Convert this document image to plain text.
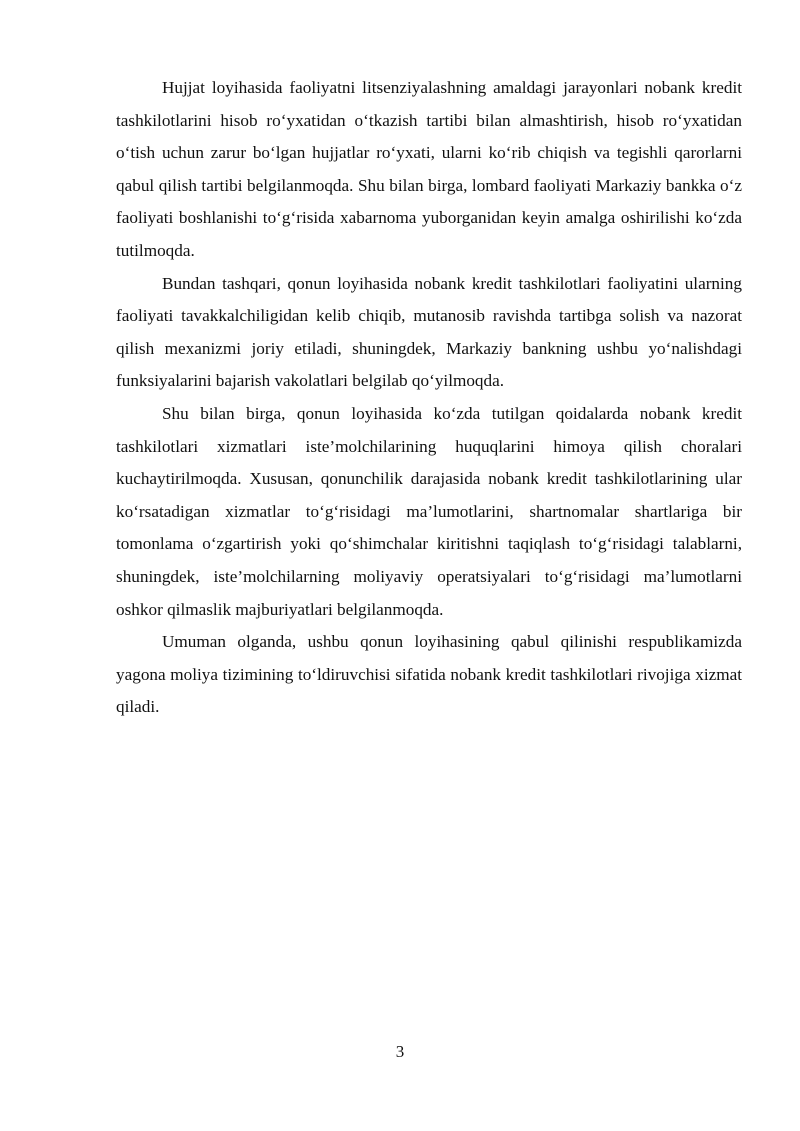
Hujjat loyihasida faoliyatni litsenziyalashning amaldagi jarayonlari nobank kredit tashkilotlarini hisob ro‘yxatidan o‘tkazish tartibi bilan almashtirish, hisob ro‘yxatidan o‘tish uchun zarur bo‘lgan hujjatlar ro‘yxati, ularni ko‘rib chiqish va tegishli qarorlarni qabul qilish tartibi belgilanmoqda. Shu bilan birga, lombard faoliyati Markaziy bankka o‘z faoliyati boshlanishi to‘g‘risida xabarnoma yuborganidan keyin amalga oshirilishi ko‘zda tutilmoqda.

Bundan tashqari, qonun loyihasida nobank kredit tashkilotlari faoliyatini ularning faoliyati tavakkalchiligidan kelib chiqib, mutanosib ravishda tartibga solish va nazorat qilish mexanizmi joriy etiladi, shuningdek, Markaziy bankning ushbu yo‘nalishdagi funksiyalarini bajarish vakolatlari belgilab qo‘yilmoqda.

Shu bilan birga, qonun loyihasida ko‘zda tutilgan qoidalarda nobank kredit tashkilotlari xizmatlari iste’molchilarining huquqlarini himoya qilish choralari kuchaytirilmoqda. Xususan, qonunchilik darajasida nobank kredit tashkilotlarining ular ko‘rsatadigan xizmatlar to‘g‘risidagi ma’lumotlarini, shartnomalar shartlariga bir tomonlama o‘zgartirish yoki qo‘shimchalar kiritishni taqiqlash to‘g‘risidagi talablarni, shuningdek, iste’molchilarning moliyaviy operatsiyalari to‘g‘risidagi ma’lumotlarni oshkor qilmaslik majburiyatlari belgilanmoqda.

Umuman olganda, ushbu qonun loyihasining qabul qilinishi respublikamizda yagona moliya tizimining to‘ldiruvchisi sifatida nobank kredit tashkilotlari rivojiga xizmat qiladi.

3
